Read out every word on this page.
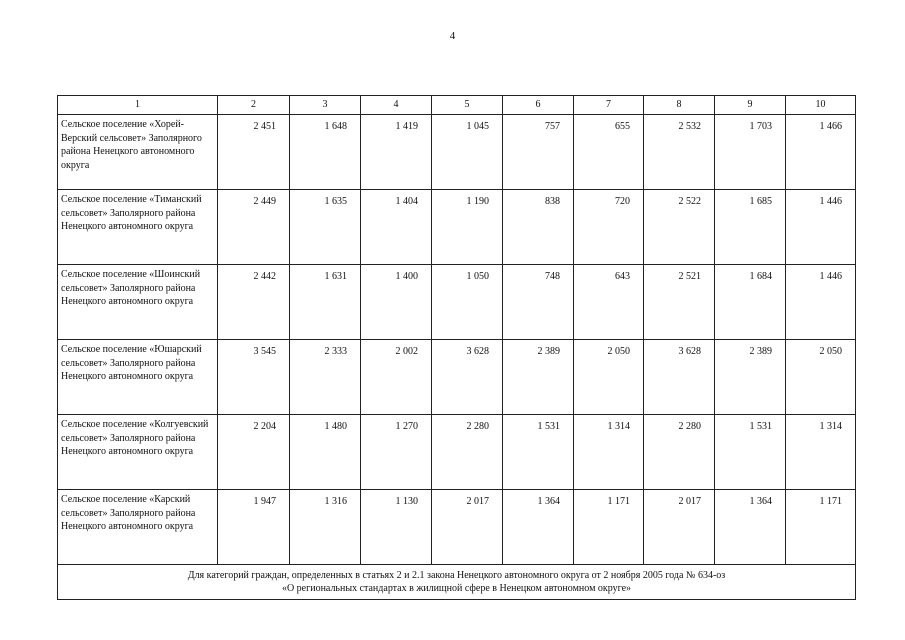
4
1	2	3	4	5	6	7	8	9	10
Сельское поселение «Хорей-Верский сельсовет» Заполярного района Ненецкого автономного округа	2 451	1 648	1 419	1 045	757	655	2 532	1 703	1 466
Сельское поселение «Тиманский сельсовет» Заполярного района Ненецкого автономного округа	2 449	1 635	1 404	1 190	838	720	2 522	1 685	1 446
Сельское поселение «Шоинский сельсовет» Заполярного района Ненецкого автономного округа	2 442	1 631	1 400	1 050	748	643	2 521	1 684	1 446
Сельское поселение «Юшарский сельсовет» Заполярного района Ненецкого автономного округа	3 545	2 333	2 002	3 628	2 389	2 050	3 628	2 389	2 050
Сельское поселение «Колгуевский сельсовет» Заполярного района Ненецкого автономного округа	2 204	1 480	1 270	2 280	1 531	1 314	2 280	1 531	1 314
Сельское поселение «Карский сельсовет» Заполярного района Ненецкого автономного округа	1 947	1 316	1 130	2 017	1 364	1 171	2 017	1 364	1 171

Для категорий граждан, определенных в статьях 2 и 2.1 закона Ненецкого автономного округа от 2 ноября 2005 года № 634-оз
«О региональных стандартах в жилищной сфере в Ненецком автономном округе»									
